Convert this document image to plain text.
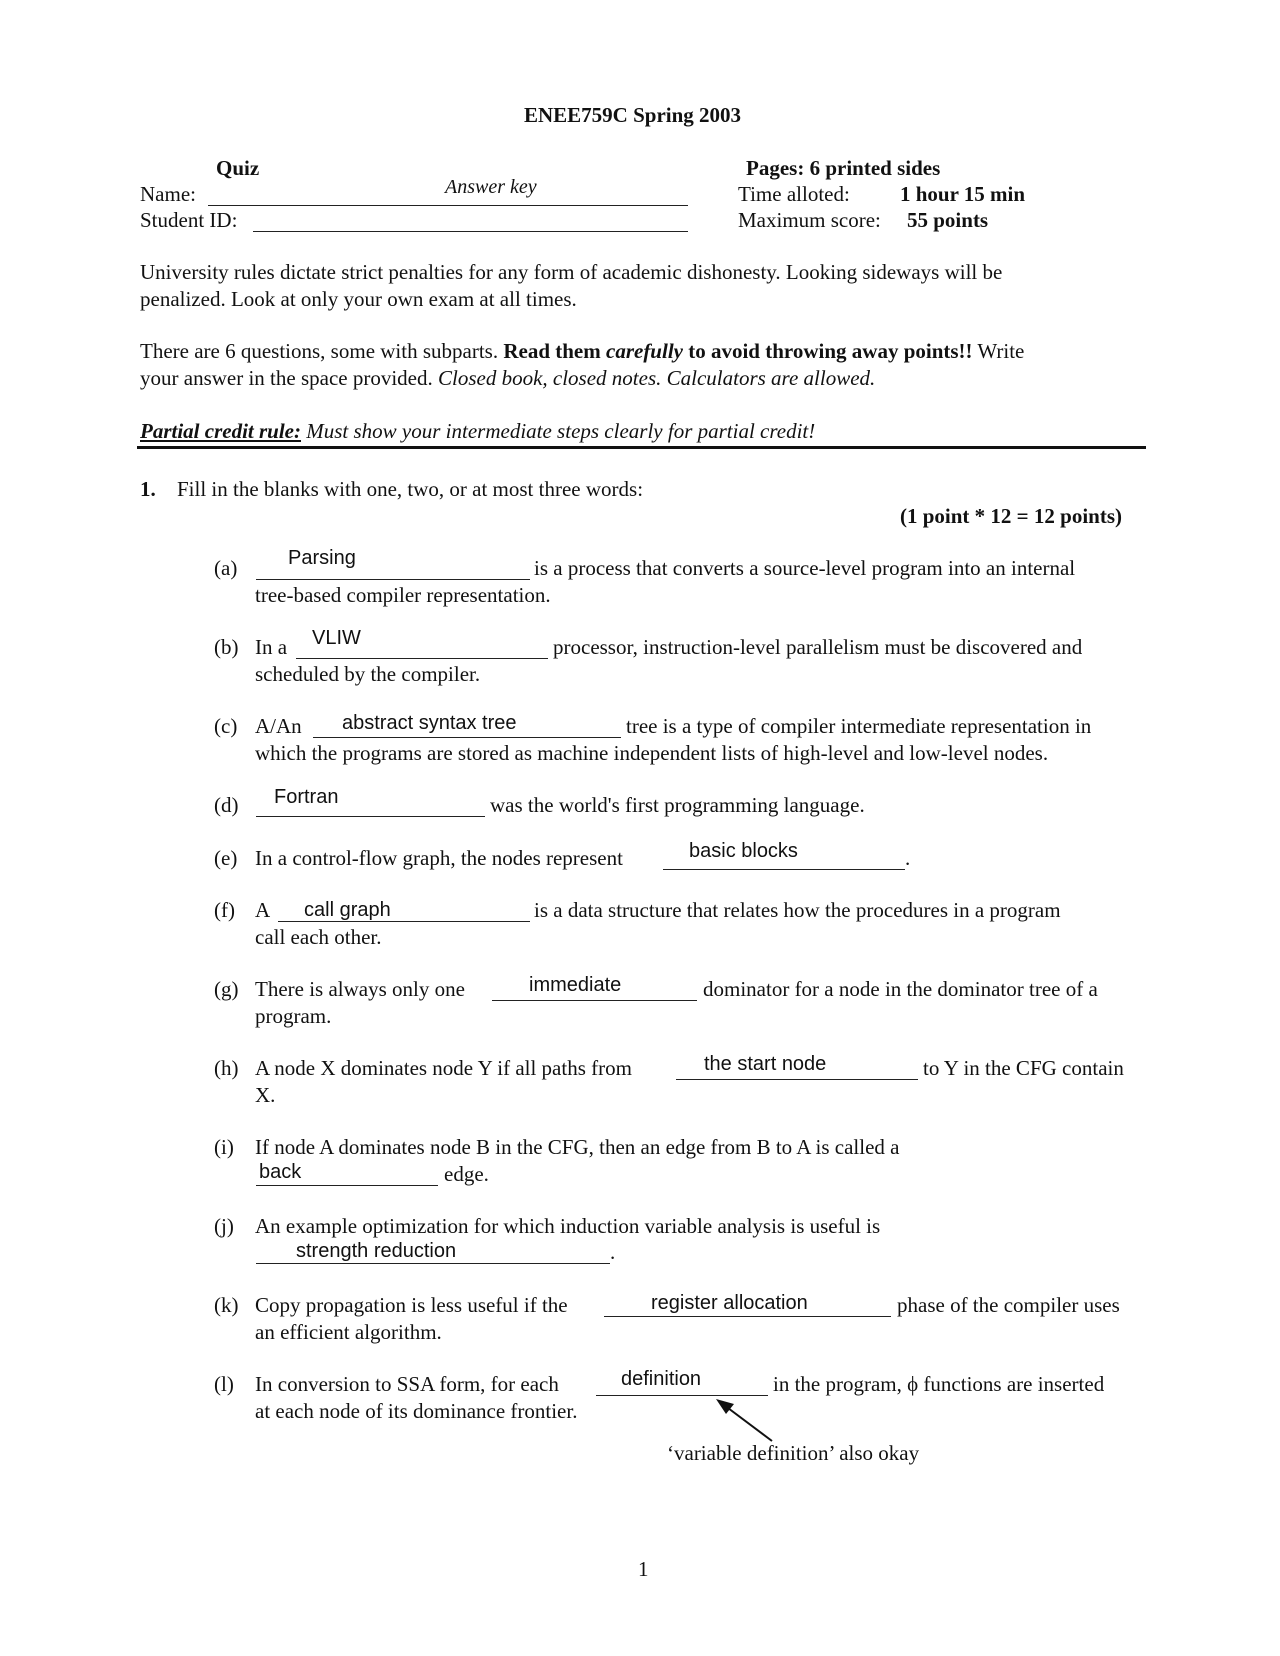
ENEE759C Spring 2003
Quiz
Name:	Answer key
Student ID:
Pages: 6 printed sides
Time alloted: 1 hour 15 min
Maximum score: 55 points
University rules dictate strict penalties for any form of academic dishonesty. Looking sideways will be
penalized. Look at only your own exam at all times.
There are 6 questions, some with subparts. Read them carefully to avoid throwing away points!! Write
your answer in the space provided. Closed book, closed notes. Calculators are allowed.
Partial credit rule: Must show your intermediate steps clearly for partial credit!
1. Fill in the blanks with one, two, or at most three words:
(1 point * 12 = 12 points)
(a)	Parsing	is a process that converts a source-level program into an internal
tree-based compiler representation.
(b) In a VLIW	processor, instruction-level parallelism must be discovered and
scheduled by the compiler.
(c) A/An abstract syntax tree	tree is a type of compiler intermediate representation in
which the programs are stored as machine independent lists of high-level and low-level nodes.
(d) Fortran	was the world's first programming language.
(e) In a control-flow graph, the nodes represent	basic blocks	.
(f) A call graph	is a data structure that relates how the procedures in a program
call each other.
(g) There is always only one	immediate	dominator for a node in the dominator tree of a
program.
(h) A node X dominates node Y if all paths from	the start node	to Y in the CFG contain
X.
(i) If node A dominates node B in the CFG, then an edge from B to A is called a
back	edge.
(j) An example optimization for which induction variable analysis is useful is
strength reduction	.
(k) Copy propagation is less useful if the	register allocation	phase of the compiler uses
an efficient algorithm.
(l) In conversion to SSA form, for each	definition	in the program, ϕ functions are inserted
at each node of its dominance frontier.
‘variable definition’ also okay
1
